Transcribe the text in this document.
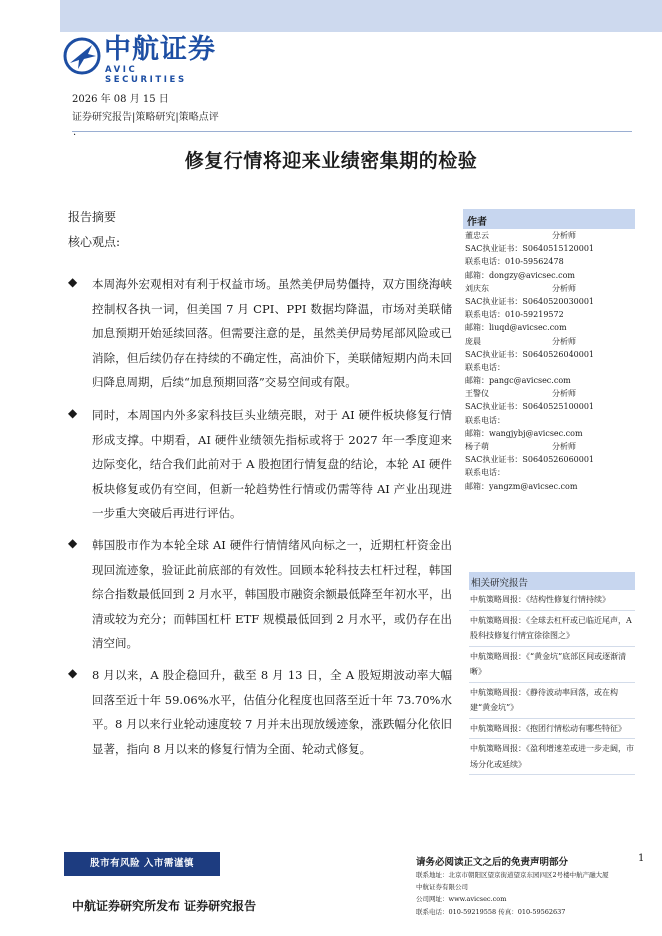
中航证券
AVIC SECURITIES
2026 年 08 月 15 日
证券研究报告|策略研究|策略点评
·
修复行情将迎来业绩密集期的检验
报告摘要
核心观点:
◆ 本周海外宏观相对有利于权益市场。虽然美伊局势僵持，双方围绕海峡控制权各执一词，但美国 7 月 CPI、PPI 数据均降温，市场对美联储加息预期开始延续回落。但需要注意的是，虽然美伊局势尾部风险或已消除，但后续仍存在持续的不确定性，高油价下，美联储短期内尚未回归降息周期，后续“加息预期回落”交易空间或有限。

◆ 同时，本周国内外多家科技巨头业绩亮眼，对于 AI 硬件板块修复行情形成支撑。中期看，AI 硬件业绩领先指标或将于 2027 年一季度迎来边际变化，结合我们此前对于 A 股抱团行情复盘的结论，本轮 AI 硬件板块修复或仍有空间，但新一轮趋势性行情或仍需等待 AI 产业出现进一步重大突破后再进行评估。

◆ 韩国股市作为本轮全球 AI 硬件行情情绪风向标之一，近期杠杆资金出现回流迹象，验证此前底部的有效性。回顾本轮科技去杠杆过程，韩国综合指数最低回到 2 月水平，韩国股市融资余额最低降至年初水平，出清或较为充分；而韩国杠杆 ETF 规模最低回到 2 月水平，或仍存在出清空间。

◆ 8 月以来，A 股企稳回升，截至 8 月 13 日，全 A 股短期波动率大幅回落至近十年 59.06%水平，估值分化程度也回落至近十年 73.70%水平。8 月以来行业轮动速度较 7 月并未出现放缓迹象，涨跌幅分化依旧显著，指向 8 月以来的修复行情为全面、轮动式修复。

作者
董忠云	分析师
SAC执业证书：S0640515120001
联系电话：010-59562478
邮箱：dongzy@avicsec.com
刘庆东	分析师
SAC执业证书：S0640520030001
联系电话：010-59219572
邮箱：liuqd@avicsec.com
庞晨	分析师
SAC执业证书：S0640526040001
联系电话：
邮箱：pangc@avicsec.com
王警仪	分析师
SAC执业证书：S0640525100001
联系电话：
邮箱：wangjybj@avicsec.com
杨子萌	分析师
SAC执业证书：S0640526060001
联系电话：
邮箱：yangzm@avicsec.com
相关研究报告
中航策略周报：《结构性修复行情持续》
中航策略周报：《全球去杠杆或已临近尾声，A 股科技修复行情宜徐徐图之》
中航策略周报：《“黄金坑”底部区间或逐渐清晰》
中航策略周报：《静待波动率回落，或在构建“黄金坑”》
中航策略周报：《抱团行情松动有哪些特征》
中航策略周报：《盈利增速差或进一步走阔，市场分化或延续》
股市有风险 入市需谨慎
中航证券研究所发布 证券研究报告
请务必阅读正文之后的免责声明部分	1
联系地址：北京市朝阳区望京街道望京东园四区2号楼中航产融大厦
中航证券有限公司
公司网址：www.avicsec.com
联系电话：010-59219558 传真：010-59562637
